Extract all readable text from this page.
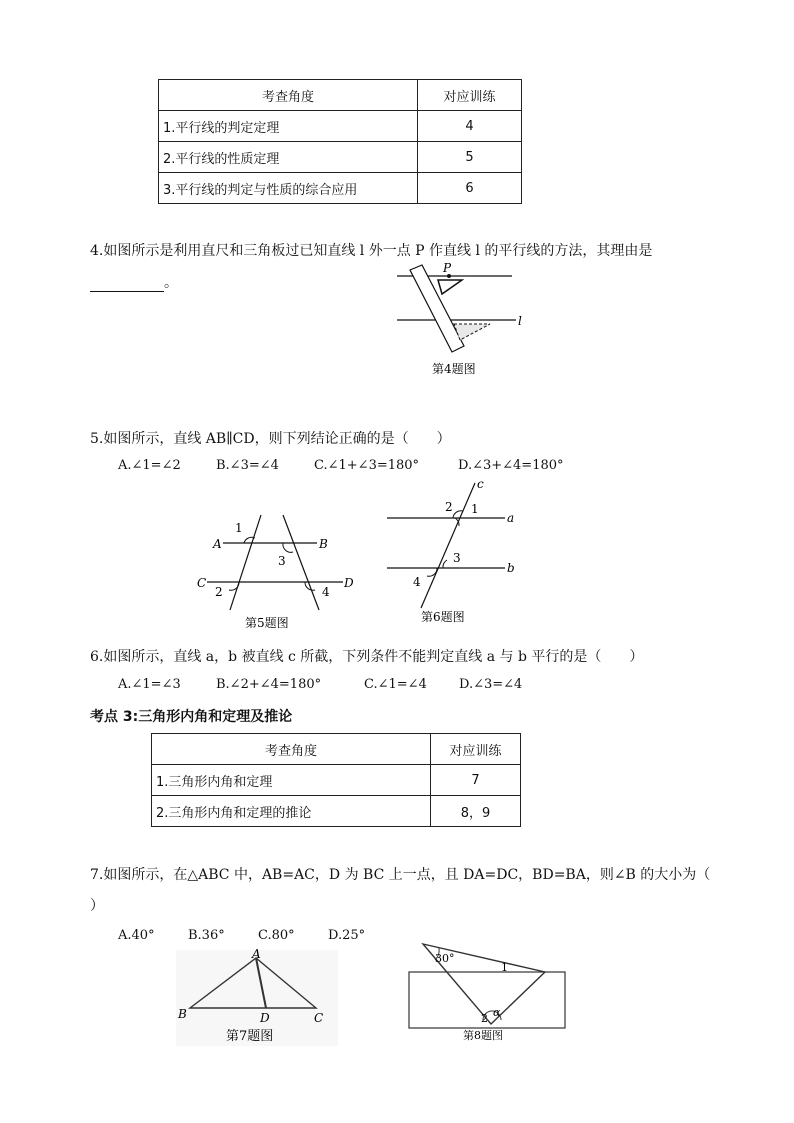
考查角度	对应训练
1.平行线的判定定理	4
2.平行线的性质定理	5
3.平行线的判定与性质的综合应用	6
4.如图所示是利用直尺和三角板过已知直线 l 外一点 P 作直线 l 的平行线的方法，其理由是
。
P
l
第4题图
5.如图所示，直线 AB∥CD，则下列结论正确的是（　　）
A.∠1=∠2	B.∠3=∠4	C.∠1+∠3=180°	D.∠3+∠4=180°
A	B
C	D
1
2
3
4
第5题图
c
a
b
1
2
3
4
第6题图
6.如图所示，直线 a，b 被直线 c 所截，下列条件不能判定直线 a 与 b 平行的是（　　）
A.∠1=∠3	B.∠2+∠4=180°	C.∠1=∠4 D.∠3=∠4
考点 3:三角形内角和定理及推论
考查角度	对应训练
1.三角形内角和定理	7
2.三角形内角和定理的推论	8，9
7.如图所示，在△ABC 中，AB=AC，D 为 BC 上一点，且 DA=DC，BD=BA，则∠B 的大小为（
）
A.40°	B.36°	C.80°	D.25°
A
B	C
D
第7题图
30°
1
2 α
第8题图
